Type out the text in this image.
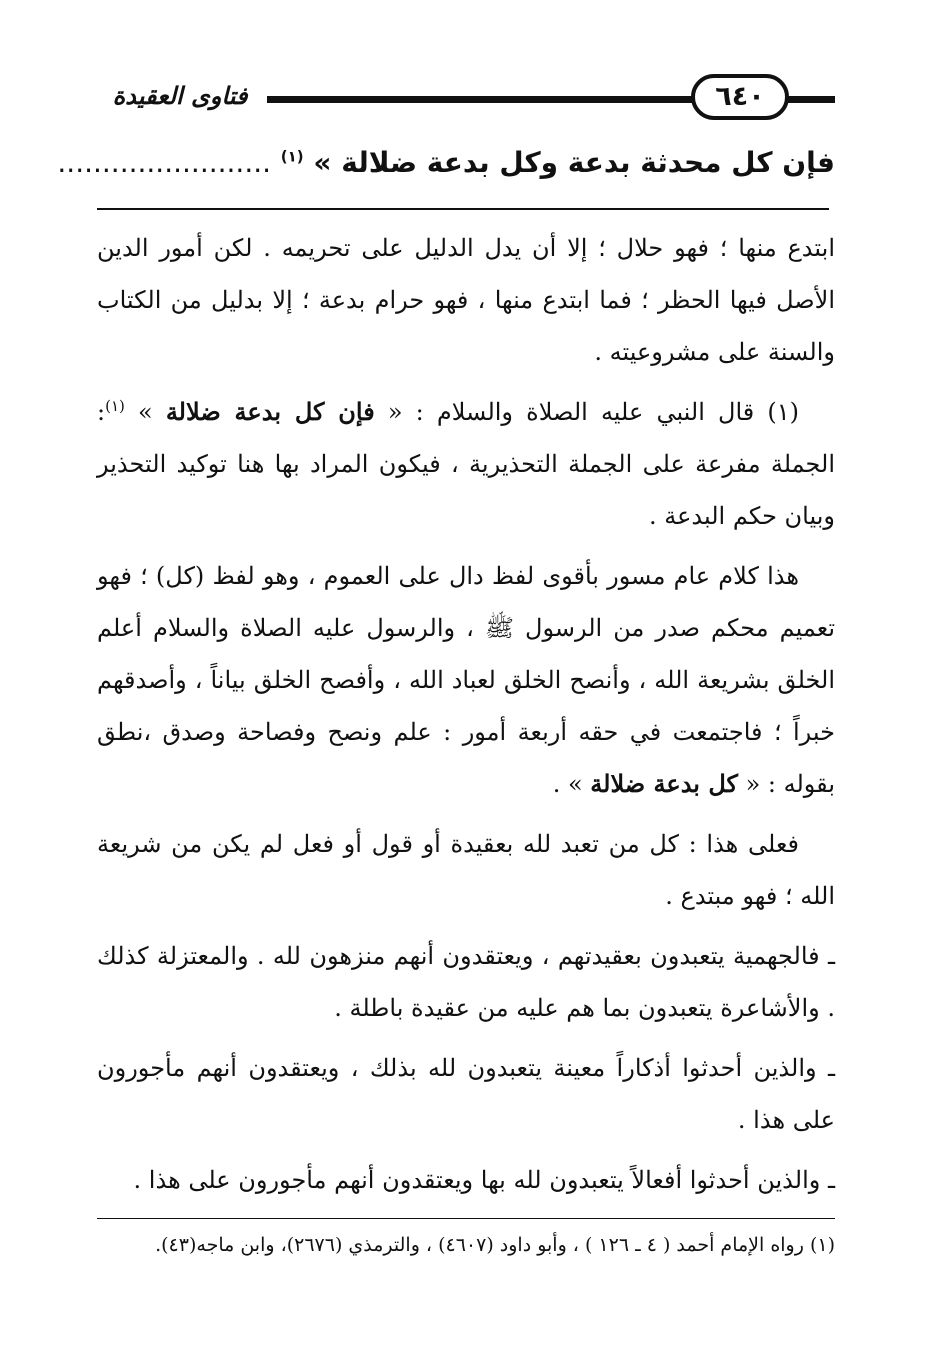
فتاوى العقيدة	٦٤٠
فإن كل محدثة بدعة وكل بدعة ضلالة » $^{(١)}$ ........................

ابتدع منها ؛ فهو حلال ؛ إلا أن يدل الدليل على تحريمه . لكن أمور الدين الأصل فيها الحظر ؛ فما ابتدع منها ، فهو حرام بدعة ؛ إلا بدليل من الكتاب والسنة على مشروعيته .

(١) قال النبي عليه الصلاة والسلام : « فإن كل بدعة ضلالة » $^{(١)}$: الجملة مفرعة على الجملة التحذيرية ، فيكون المراد بها هنا توكيد التحذير وبيان حكم البدعة .

هذا كلام عام مسور بأقوى لفظ دال على العموم ، وهو لفظ (كل) ؛ فهو تعميم محكم صدر من الرسول ﷺ ، والرسول عليه الصلاة والسلام أعلم الخلق بشريعة الله ، وأنصح الخلق لعباد الله ، وأفصح الخلق بياناً ، وأصدقهم خبراً ؛ فاجتمعت في حقه أربعة أمور : علم ونصح وفصاحة وصدق ،نطق بقوله : « كل بدعة ضلالة » .

فعلى هذا : كل من تعبد لله بعقيدة أو قول أو فعل لم يكن من شريعة الله ؛ فهو مبتدع .

ـ فالجهمية يتعبدون بعقيدتهم ، ويعتقدون أنهم منزهون لله . والمعتزلة كذلك . والأشاعرة يتعبدون بما هم عليه من عقيدة باطلة .

ـ والذين أحدثوا أذكاراً معينة يتعبدون لله بذلك ، ويعتقدون أنهم مأجورون على هذا .

ـ والذين أحدثوا أفعالاً يتعبدون لله بها ويعتقدون أنهم مأجورون على هذا .

(١) رواه الإمام أحمد ( ٤ ـ ١٢٦ ) ، وأبو داود (٤٦٠٧) ، والترمذي (٢٦٧٦)، وابن ماجه(٤٣).
